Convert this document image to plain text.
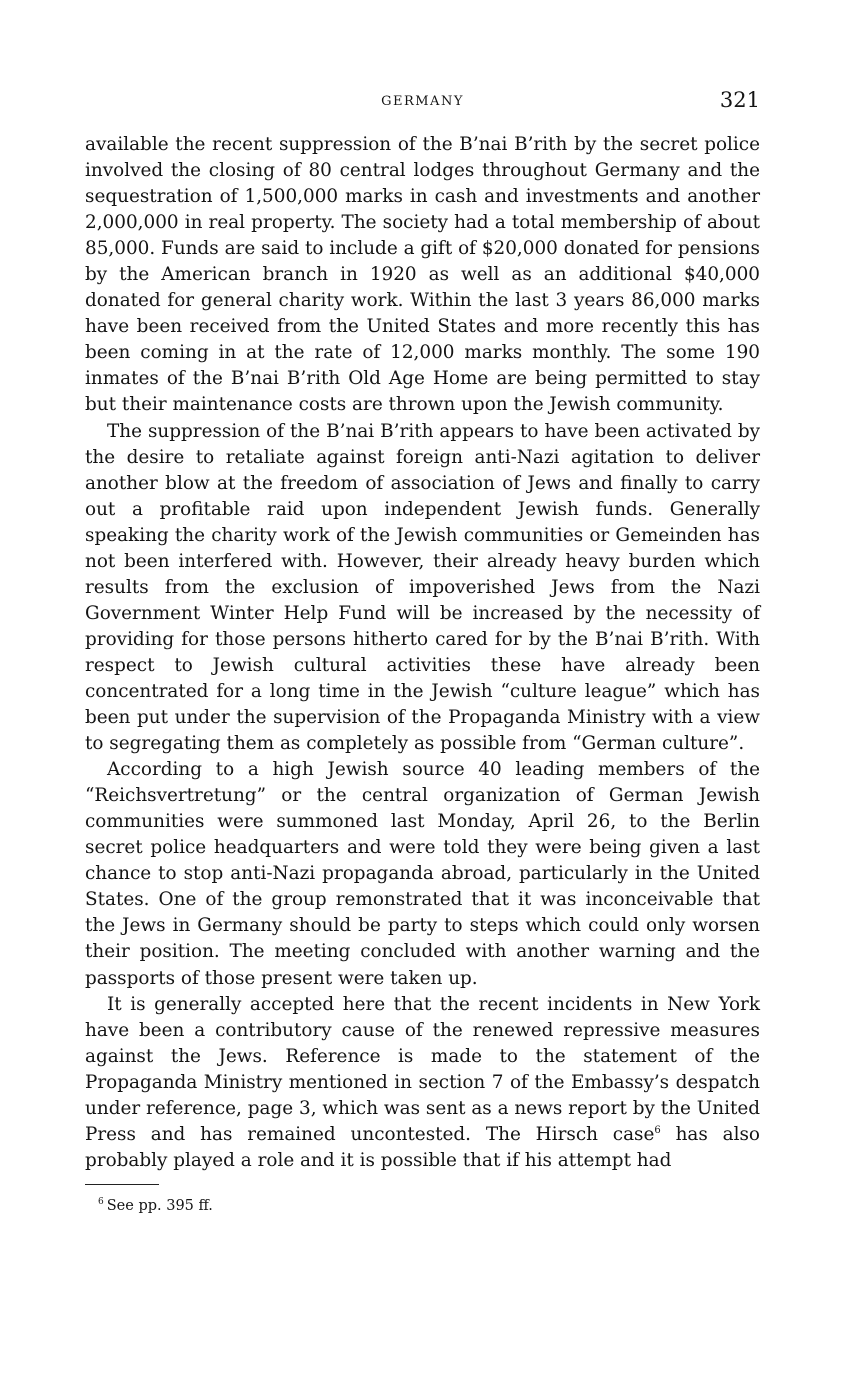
GERMANY	321

available the recent suppression of the B’nai B’rith by the secret police involved the closing of 80 central lodges throughout Germany and the sequestration of 1,500,000 marks in cash and investments and another 2,000,000 in real property. The society had a total membership of about 85,000. Funds are said to include a gift of $20,000 donated for pensions by the American branch in 1920 as well as an additional $40,000 donated for general charity work. Within the last 3 years 86,000 marks have been received from the United States and more recently this has been coming in at the rate of 12,000 marks monthly. The some 190 inmates of the B’nai B’rith Old Age Home are being permitted to stay but their maintenance costs are thrown upon the Jewish community.

The suppression of the B’nai B’rith appears to have been activated by the desire to retaliate against foreign anti-Nazi agitation to deliver another blow at the freedom of association of Jews and finally to carry out a profitable raid upon independent Jewish funds. Generally speaking the charity work of the Jewish communities or Gemeinden has not been interfered with. However, their already heavy burden which results from the exclusion of impoverished Jews from the Nazi Government Winter Help Fund will be increased by the necessity of providing for those persons hitherto cared for by the B’nai B’rith. With respect to Jewish cultural activities these have already been concentrated for a long time in the Jewish “culture league” which has been put under the supervision of the Propaganda Ministry with a view to segregating them as completely as possible from “German culture”.

According to a high Jewish source 40 leading members of the “Reichsvertretung” or the central organization of German Jewish communities were summoned last Monday, April 26, to the Berlin secret police headquarters and were told they were being given a last chance to stop anti-Nazi propaganda abroad, particularly in the United States. One of the group remonstrated that it was inconceivable that the Jews in Germany should be party to steps which could only worsen their position. The meeting concluded with another warning and the passports of those present were taken up.

It is generally accepted here that the recent incidents in New York have been a contributory cause of the renewed repressive measures against the Jews. Reference is made to the statement of the Propaganda Ministry mentioned in section 7 of the Embassy’s despatch under reference, page 3, which was sent as a news report by the United Press and has remained uncontested. The Hirsch case$^6$ has also probably played a role and it is possible that if his attempt had

$^6$ See pp. 395 ff.
